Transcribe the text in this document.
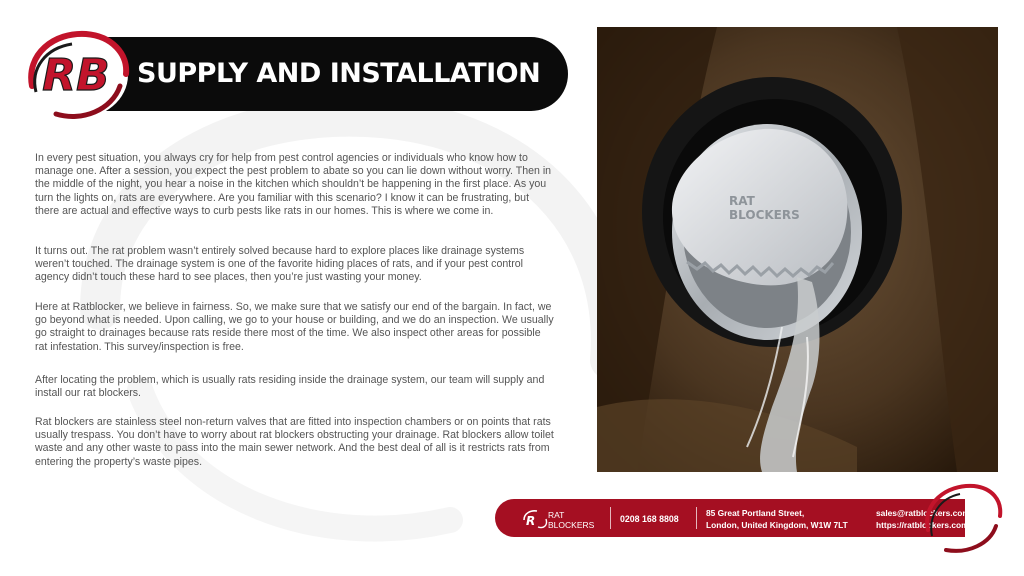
SUPPLY AND INSTALLATION
RB

In every pest situation, you always cry for help from pest control agencies or individuals who know how to manage one. After a session, you expect the pest problem to abate so you can lie down without worry. Then in the middle of the night, you hear a noise in the kitchen which shouldn’t be happening in the first place. As you turn the lights on, rats are everywhere. Are you familiar with this scenario? I know it can be frustrating, but there are actual and effective ways to curb pests like rats in our homes. This is where we come in.

It turns out. The rat problem wasn’t entirely solved because hard to explore places like drainage systems weren’t touched. The drainage system is one of the favorite hiding places of rats, and if your pest control agency didn’t touch these hard to see places, then you’re just wasting your money.

Here at Ratblocker, we believe in fairness. So, we make sure that we satisfy our end of the bargain. In fact, we go beyond what is needed. Upon calling, we go to your house or building, and we do an inspection. We usually go straight to drainages because rats reside there most of the time. We also inspect other areas for possible rat infestation. This survey/inspection is free.

After locating the problem, which is usually rats residing inside the drainage system, our team will supply and install our rat blockers.

Rat blockers are stainless steel non-return valves that are fitted into inspection chambers or on points that rats usually trespass. You don’t have to worry about rat blockers obstructing your drainage. Rat blockers allow toilet waste and any other waste to pass into the main sewer network. And the best deal of all is it restricts rats from entering the property’s waste pipes.

RAT
BLOCKERS
R RAT
BLOCKERS
0208 168 8808
85 Great Portland Street,
London, United Kingdom, W1W 7LT
sales@ratblockers.com
https://ratblockers.com
